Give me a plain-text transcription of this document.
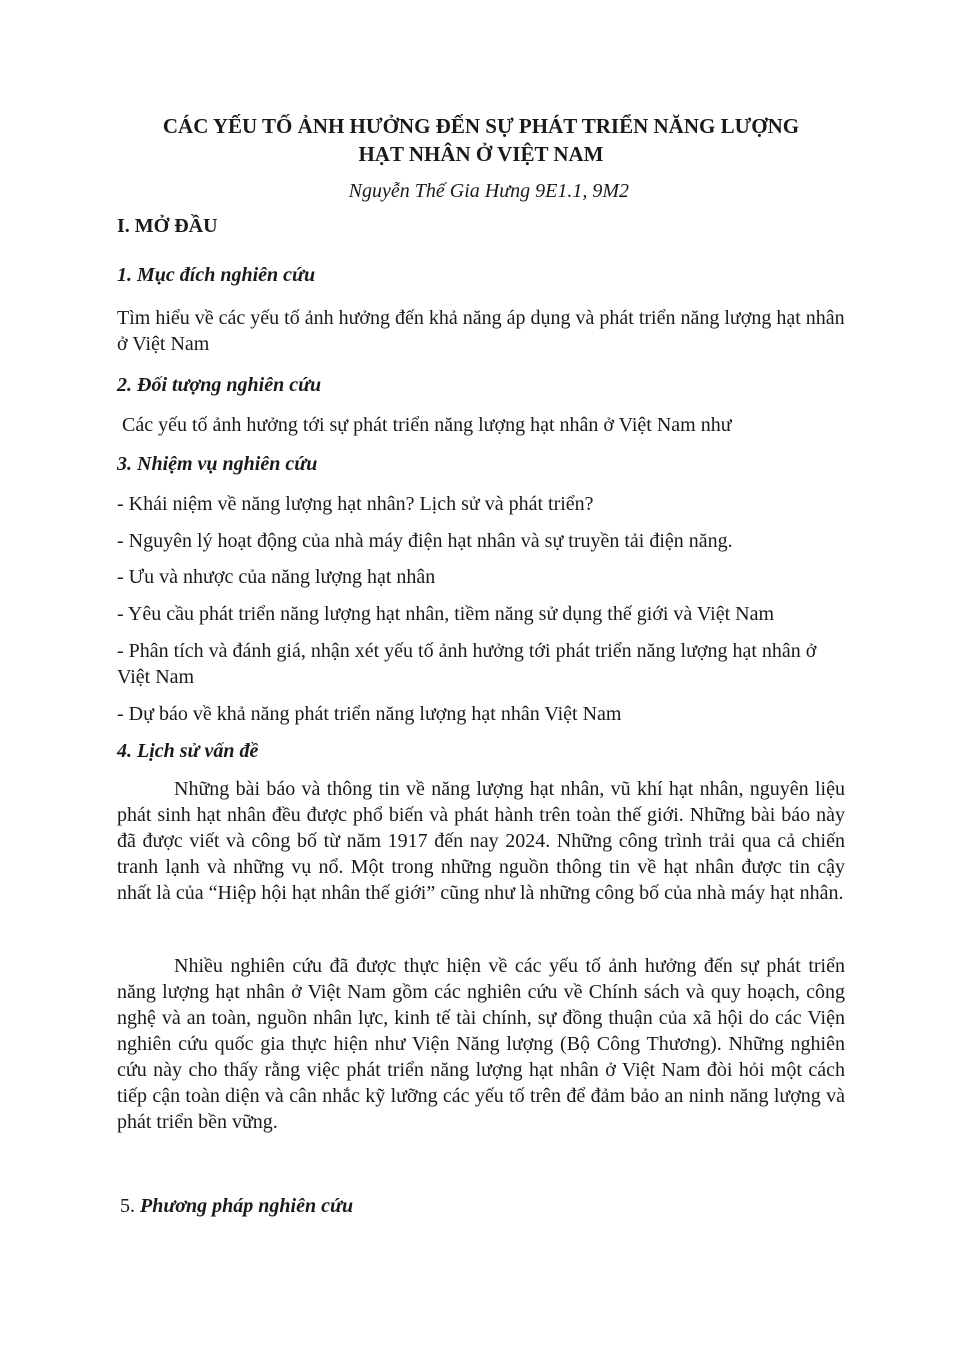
CÁC YẾU TỐ ẢNH HƯỞNG ĐẾN SỰ PHÁT TRIỂN NĂNG LƯỢNG

HẠT NHÂN Ở VIỆT NAM

Nguyễn Thế Gia Hưng 9E1.1, 9M2

I. MỞ ĐẦU

1. Mục đích nghiên cứu

Tìm hiểu về các yếu tố ảnh hưởng đến khả năng áp dụng và phát triển năng lượng hạt nhân ở Việt Nam

2. Đối tượng nghiên cứu

Các yếu tố ảnh hưởng tới sự phát triển năng lượng hạt nhân ở Việt Nam như

3. Nhiệm vụ nghiên cứu

- Khái niệm về năng lượng hạt nhân? Lịch sử và phát triển?

- Nguyên lý hoạt động của nhà máy điện hạt nhân và sự truyền tải điện năng.

- Ưu và nhược của năng lượng hạt nhân

- Yêu cầu phát triển năng lượng hạt nhân, tiềm năng sử dụng thế giới và Việt Nam

- Phân tích và đánh giá, nhận xét yếu tố ảnh hưởng tới phát triển năng lượng hạt nhân ở Việt Nam

- Dự báo về khả năng phát triển năng lượng hạt nhân Việt Nam

4. Lịch sử vấn đề

Những bài báo và thông tin về năng lượng hạt nhân, vũ khí hạt nhân, nguyên liệu phát sinh hạt nhân đều được phổ biến và phát hành trên toàn thế giới. Những bài báo này đã được viết và công bố từ năm 1917 đến nay 2024. Những công trình trải qua cả chiến tranh lạnh và những vụ nổ. Một trong những nguồn thông tin về hạt nhân được tin cậy nhất là của “Hiệp hội hạt nhân thế giới” cũng như là những công bố của nhà máy hạt nhân.

Nhiều nghiên cứu đã được thực hiện về các yếu tố ảnh hưởng đến sự phát triển năng lượng hạt nhân ở Việt Nam gồm các nghiên cứu về Chính sách và quy hoạch, công nghệ và an toàn, nguồn nhân lực, kinh tế tài chính, sự đồng thuận của xã hội do các Viện nghiên cứu quốc gia thực hiện như Viện Năng lượng (Bộ Công Thương). Những nghiên cứu này cho thấy rằng việc phát triển năng lượng hạt nhân ở Việt Nam đòi hỏi một cách tiếp cận toàn diện và cân nhắc kỹ lưỡng các yếu tố trên để đảm bảo an ninh năng lượng và phát triển bền vững.

5. Phương pháp nghiên cứu
